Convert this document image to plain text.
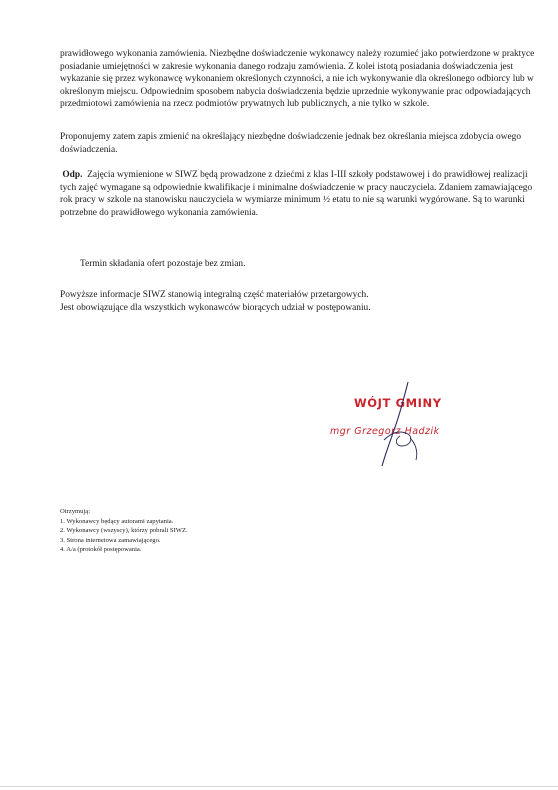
prawidłowego wykonania zamówienia. Niezbędne doświadczenie wykonawcy należy rozumieć jako potwierdzone w praktyce posiadanie umiejętności w zakresie wykonania danego rodzaju zamówienia. Z kolei istotą posiadania doświadczenia jest wykazanie się przez wykonawcę wykonaniem określonych czynności, a nie ich wykonywanie dla określonego odbiorcy lub w określonym miejscu. Odpowiednim sposobem nabycia doświadczenia będzie uprzednie wykonywanie prac odpowiadających przedmiotowi zamówienia na rzecz podmiotów prywatnych lub publicznych, a nie tylko w szkole.

Proponujemy zatem zapis zmienić na określający niezbędne doświadczenie jednak bez określania miejsca zdobycia owego doświadczenia.

Odp. Zajęcia wymienione w SIWZ będą prowadzone z dziećmi z klas I-III szkoły podstawowej i do prawidłowej realizacji tych zajęć wymagane są odpowiednie kwalifikacje i minimalne doświadczenie w pracy nauczyciela. Zdaniem zamawiającego rok pracy w szkole na stanowisku nauczyciela w wymiarze minimum ½ etatu to nie są warunki wygórowane. Są to warunki potrzebne do prawidłowego wykonania zamówienia.

Termin składania ofert pozostaje bez zmian.

Powyższe informacje SIWZ stanowią integralną część materiałów przetargowych.
Jest obowiązujące dla wszystkich wykonawców biorących udział w postępowaniu.
WÓJT GMINY
mgr Grzegorz Hadzik
Otrzymują:
1. Wykonawcy będący autorami zapytania.
2. Wykonawcy (wszyscy), którzy pobrali SIWZ.
3. Strona internetowa zamawiającego.
4. A/a (protokół postępowania.
